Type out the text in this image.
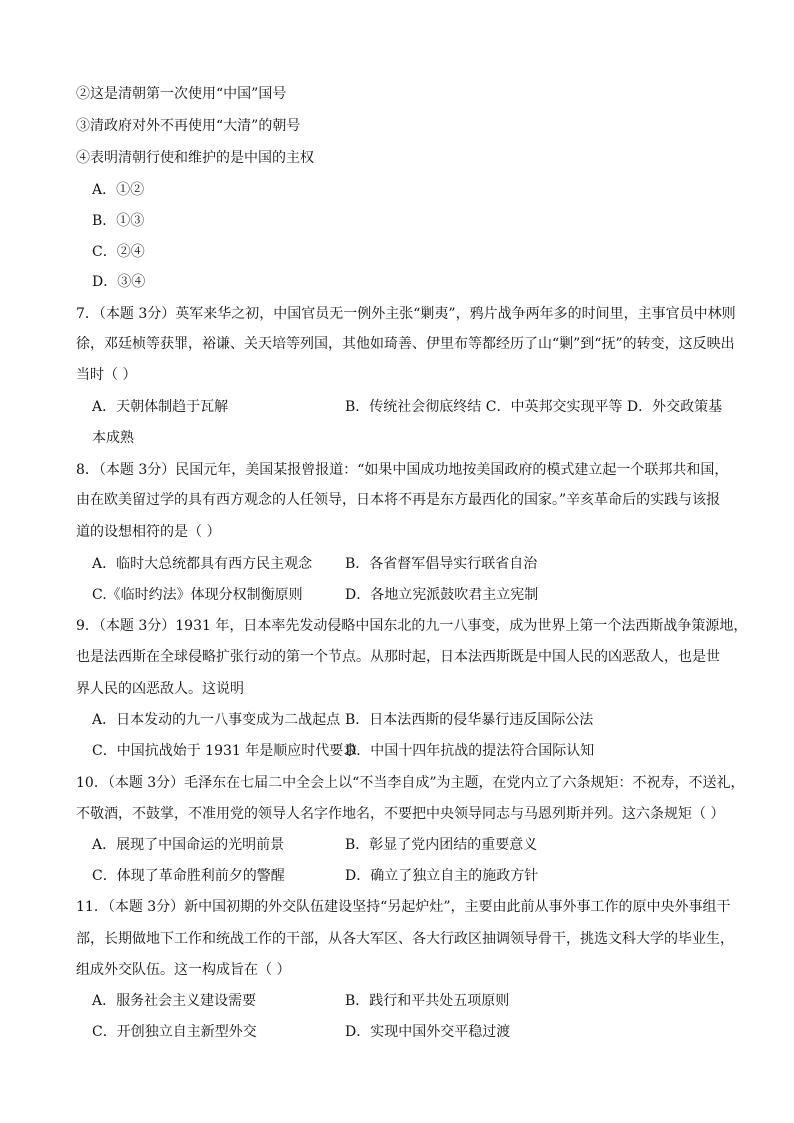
②这是清朝第一次使用“中国”国号
③清政府对外不再使用“大清”的朝号
④表明清朝行使和维护的是中国的主权
A．①②
B．①③
C．②④
D．③④
7．（本题 3分）英军来华之初，中国官员无一例外主张“剿夷”，鸦片战争两年多的时间里，主事官员中林则
徐，邓廷桢等获罪，裕谦、关天培等列国，其他如琦善、伊里布等都经历了山“剿”到“抚”的转变，这反映出
当时（ ）
A．天朝体制趋于瓦解	B．传统社会彻底终结 C．中英邦交实现平等 D．外交政策基
本成熟
8．（本题 3分）民国元年，美国某报曾报道：“如果中国成功地按美国政府的模式建立起一个联邦共和国，
由在欧美留过学的具有西方观念的人任领导，日本将不再是东方最西化的国家。”辛亥革命后的实践与该报
道的设想相符的是（ ）
A．临时大总统都具有西方民主观念 B．各省督军倡导实行联省自治
C.《临时约法》体现分权制衡原则	D．各地立宪派鼓吹君主立宪制
9．（本题 3分）1931 年，日本率先发动侵略中国东北的九一八事变，成为世界上第一个法西斯战争策源地，
也是法西斯在全球侵略扩张行动的第一个节点。从那时起，日本法西斯既是中国人民的凶恶敌人，也是世
界人民的凶恶敌人。这说明
A．日本发动的九一八事变成为二战起点 B．日本法西斯的侵华暴行违反国际公法
C．中国抗战始于 1931 年是顺应时代要求
D．中国十四年抗战的提法符合国际认知
10．（本题 3分）毛泽东在七届二中全会上以“不当李自成”为主题，在党内立了六条规矩：不祝寿，不送礼，
不敬酒，不鼓掌，不准用党的领导人名字作地名，不要把中央领导同志与马恩列斯并列。这六条规矩（ ）
A．展现了中国命运的光明前景	B．彰显了党内团结的重要意义
C．体现了革命胜利前夕的警醒	D．确立了独立自主的施政方针
11．（本题 3分）新中国初期的外交队伍建设坚持“另起炉灶”，主要由此前从事外事工作的原中央外事组干
部，长期做地下工作和统战工作的干部，从各大军区、各大行政区抽调领导骨干，挑选文科大学的毕业生，
组成外交队伍。这一构成旨在（ ）
A．服务社会主义建设需要	B．践行和平共处五项原则
C．开创独立自主新型外交	D．实现中国外交平稳过渡
